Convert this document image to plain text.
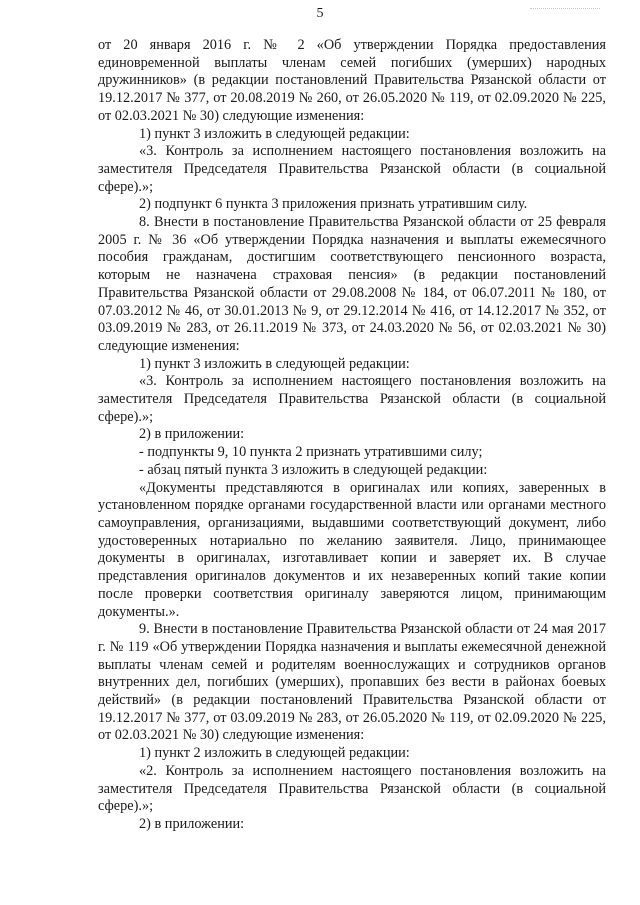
5

от 20 января 2016 г. № 2 «Об утверждении Порядка предоставления единовременной выплаты членам семей погибших (умерших) народных дружинников» (в редакции постановлений Правительства Рязанской области от 19.12.2017 № 377, от 20.08.2019 № 260, от 26.05.2020 № 119, от 02.09.2020 № 225, от 02.03.2021 № 30) следующие изменения:

1) пункт 3 изложить в следующей редакции:

«3. Контроль за исполнением настоящего постановления возложить на заместителя Председателя Правительства Рязанской области (в социальной сфере).»;

2) подпункт 6 пункта 3 приложения признать утратившим силу.

8. Внести в постановление Правительства Рязанской области от 25 февраля 2005 г. № 36 «Об утверждении Порядка назначения и выплаты ежемесячного пособия гражданам, достигшим соответствующего пенсионного возраста, которым не назначена страховая пенсия» (в редакции постановлений Правительства Рязанской области от 29.08.2008 № 184, от 06.07.2011 № 180, от 07.03.2012 № 46, от 30.01.2013 № 9, от 29.12.2014 № 416, от 14.12.2017 № 352, от 03.09.2019 № 283, от 26.11.2019 № 373, от 24.03.2020 № 56, от 02.03.2021 № 30) следующие изменения:

1) пункт 3 изложить в следующей редакции:

«3. Контроль за исполнением настоящего постановления возложить на заместителя Председателя Правительства Рязанской области (в социальной сфере).»;

2) в приложении:

- подпункты 9, 10 пункта 2 признать утратившими силу;

- абзац пятый пункта 3 изложить в следующей редакции:

«Документы представляются в оригиналах или копиях, заверенных в установленном порядке органами государственной власти или органами местного самоуправления, организациями, выдавшими соответствующий документ, либо удостоверенных нотариально по желанию заявителя. Лицо, принимающее документы в оригиналах, изготавливает копии и заверяет их. В случае представления оригиналов документов и их незаверенных копий такие копии после проверки соответствия оригиналу заверяются лицом, принимающим документы.».

9. Внести в постановление Правительства Рязанской области от 24 мая 2017 г. № 119 «Об утверждении Порядка назначения и выплаты ежемесячной денежной выплаты членам семей и родителям военнослужащих и сотрудников органов внутренних дел, погибших (умерших), пропавших без вести в районах боевых действий» (в редакции постановлений Правительства Рязанской области от 19.12.2017 № 377, от 03.09.2019 № 283, от 26.05.2020 № 119, от 02.09.2020 № 225, от 02.03.2021 № 30) следующие изменения:

1) пункт 2 изложить в следующей редакции:

«2. Контроль за исполнением настоящего постановления возложить на заместителя Председателя Правительства Рязанской области (в социальной сфере).»;

2) в приложении:
